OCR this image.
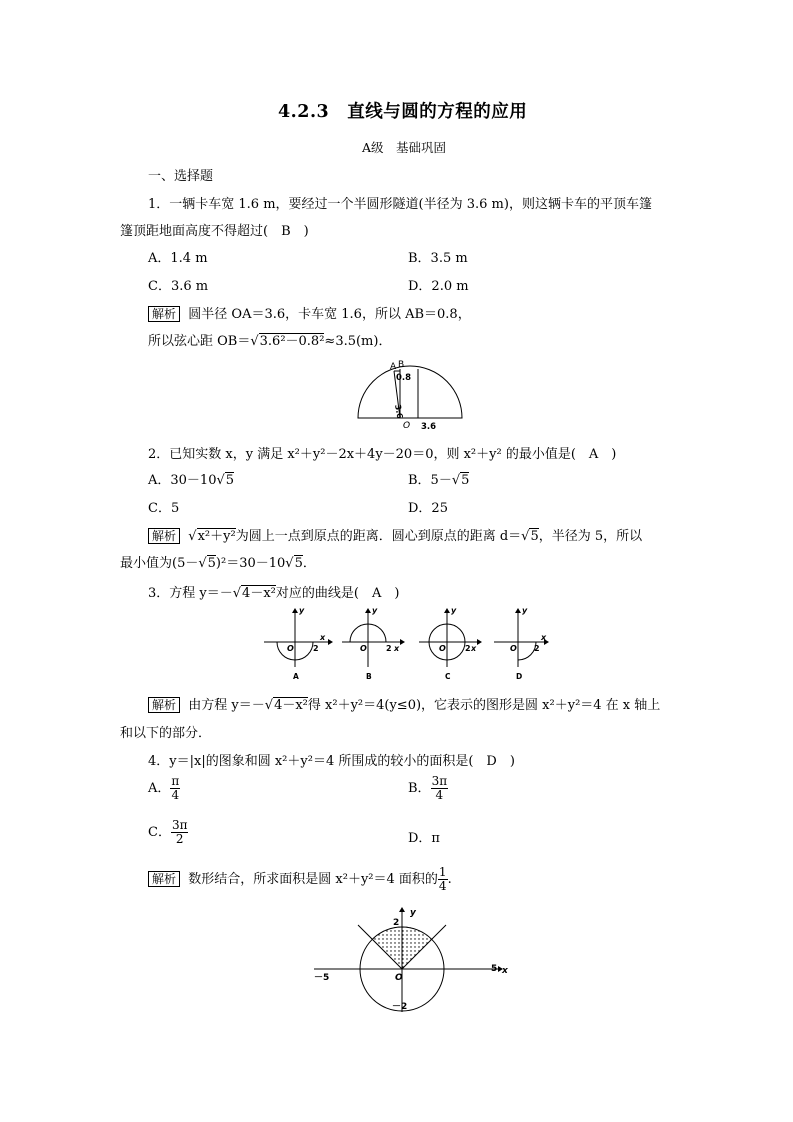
4.2.3　直线与圆的方程的应用
A级　基础巩固
一、选择题
1．一辆卡车宽 1.6 m，要经过一个半圆形隧道(半径为 3.6 m)，则这辆卡车的平顶车篷
篷顶距地面高度不得超过(　B　)
A．1.4 m	B．3.5 m
C．3.6 m	D．2.0 m
解析 圆半径 OA＝3.6，卡车宽 1.6，所以 AB＝0.8，
所以弦心距 OB＝√3.6²－0.8²≈3.5(m)．
A B
0.8
3.6
O 3.6
2．已知实数 x，y 满足 x²＋y²－2x＋4y－20＝0，则 x²＋y² 的最小值是(　A　)
A．30－10√5	B．5－√5
C．5	D．25
解析  √x²＋y²为圆上一点到原点的距离．圆心到原点的距离 d＝√5，半径为 5，所以
最小值为(5－√5)²＝30－10√5．
3．方程 y＝－√4－x²对应的曲线是(　A　)
y
x
O 2
A
y
x
O 2
B
y
x
O 2
C
y
x
O 2
D
解析 由方程 y＝－√4－x²得 x²＋y²＝4(y≤0)，它表示的图形是圆 x²＋y²＝4 在 x 轴上
和以下的部分．
4．y＝|x|的图象和圆 x²＋y²＝4 所围成的较小的面积是(　D　)
A． $\frac{\pi}{4}$	B． $\frac{3\pi}{4}$
C． $\frac{3\pi}{2}$	D．π
解析 数形结合，所求面积是圆 x²＋y²＝4 面积的 $\frac{1}{4}$ .
y
x
2
－5
5
O
－2
